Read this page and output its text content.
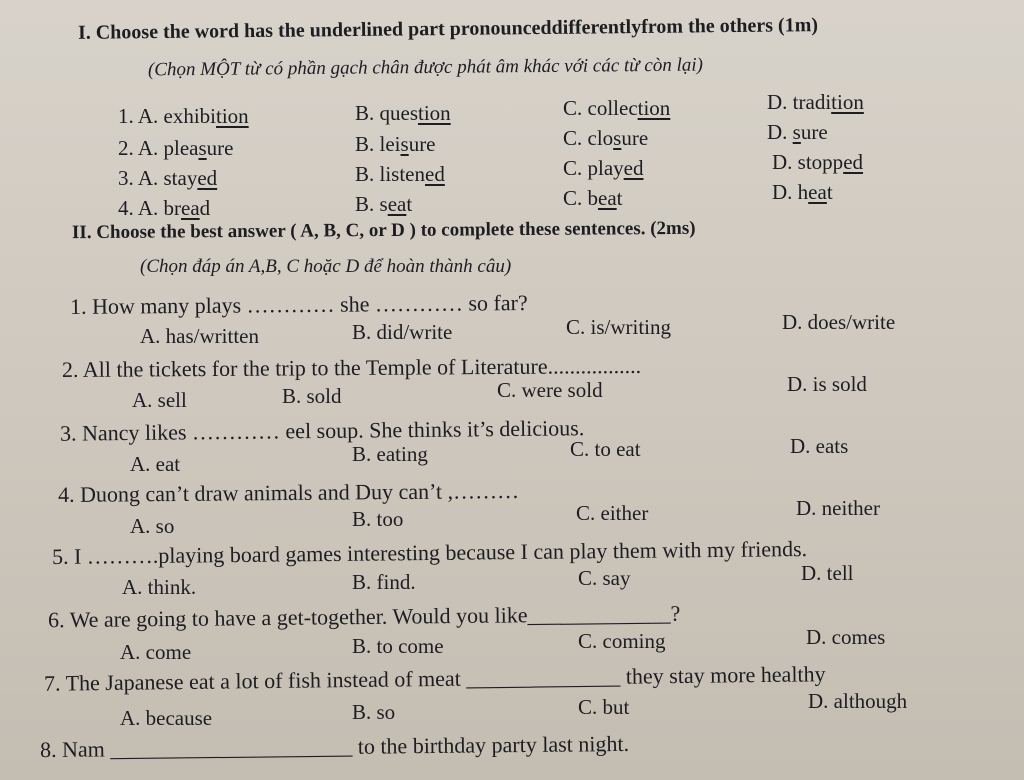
I. Choose the word has the underlined part pronounceddifferentlyfrom the others (1m)
(Chọn MỘT từ có phần gạch chân được phát âm khác với các từ còn lại)
1. A. exhibition	B. question	C. collection	D. tradition
2. A. pleasure	B. leisure	C. closure	D. sure
3. A. stayed	B. listened	C. played	D. stopped
4. A. bread	B. seat	C. beat	D. heat
II. Choose the best answer ( A, B, C, or D ) to complete these sentences. (2ms)
(Chọn đáp án A,B, C hoặc D để hoàn thành câu)
1. How many plays ………… she ………… so far?
A. has/written	B. did/write	C. is/writing	D. does/write
2. All the tickets for the trip to the Temple of Literature.................
A. sell	B. sold	C. were sold	D. is sold
3. Nancy likes ………… eel soup. She thinks it’s delicious.
A. eat	B. eating	C. to eat	D. eats
4. Duong can’t draw animals and Duy can’t ,………
A. so	B. too	C. either	D. neither
5. I ……….playing board games interesting because I can play them with my friends.
A. think.	B. find.	C. say	D. tell
6. We are going to have a get-together. Would you like_____________?
A. come	B. to come	C. coming	D. comes
7. The Japanese eat a lot of fish instead of meat ______________ they stay more healthy
A. because	B. so	C. but	D. although
8. Nam ______________________ to the birthday party last night.
